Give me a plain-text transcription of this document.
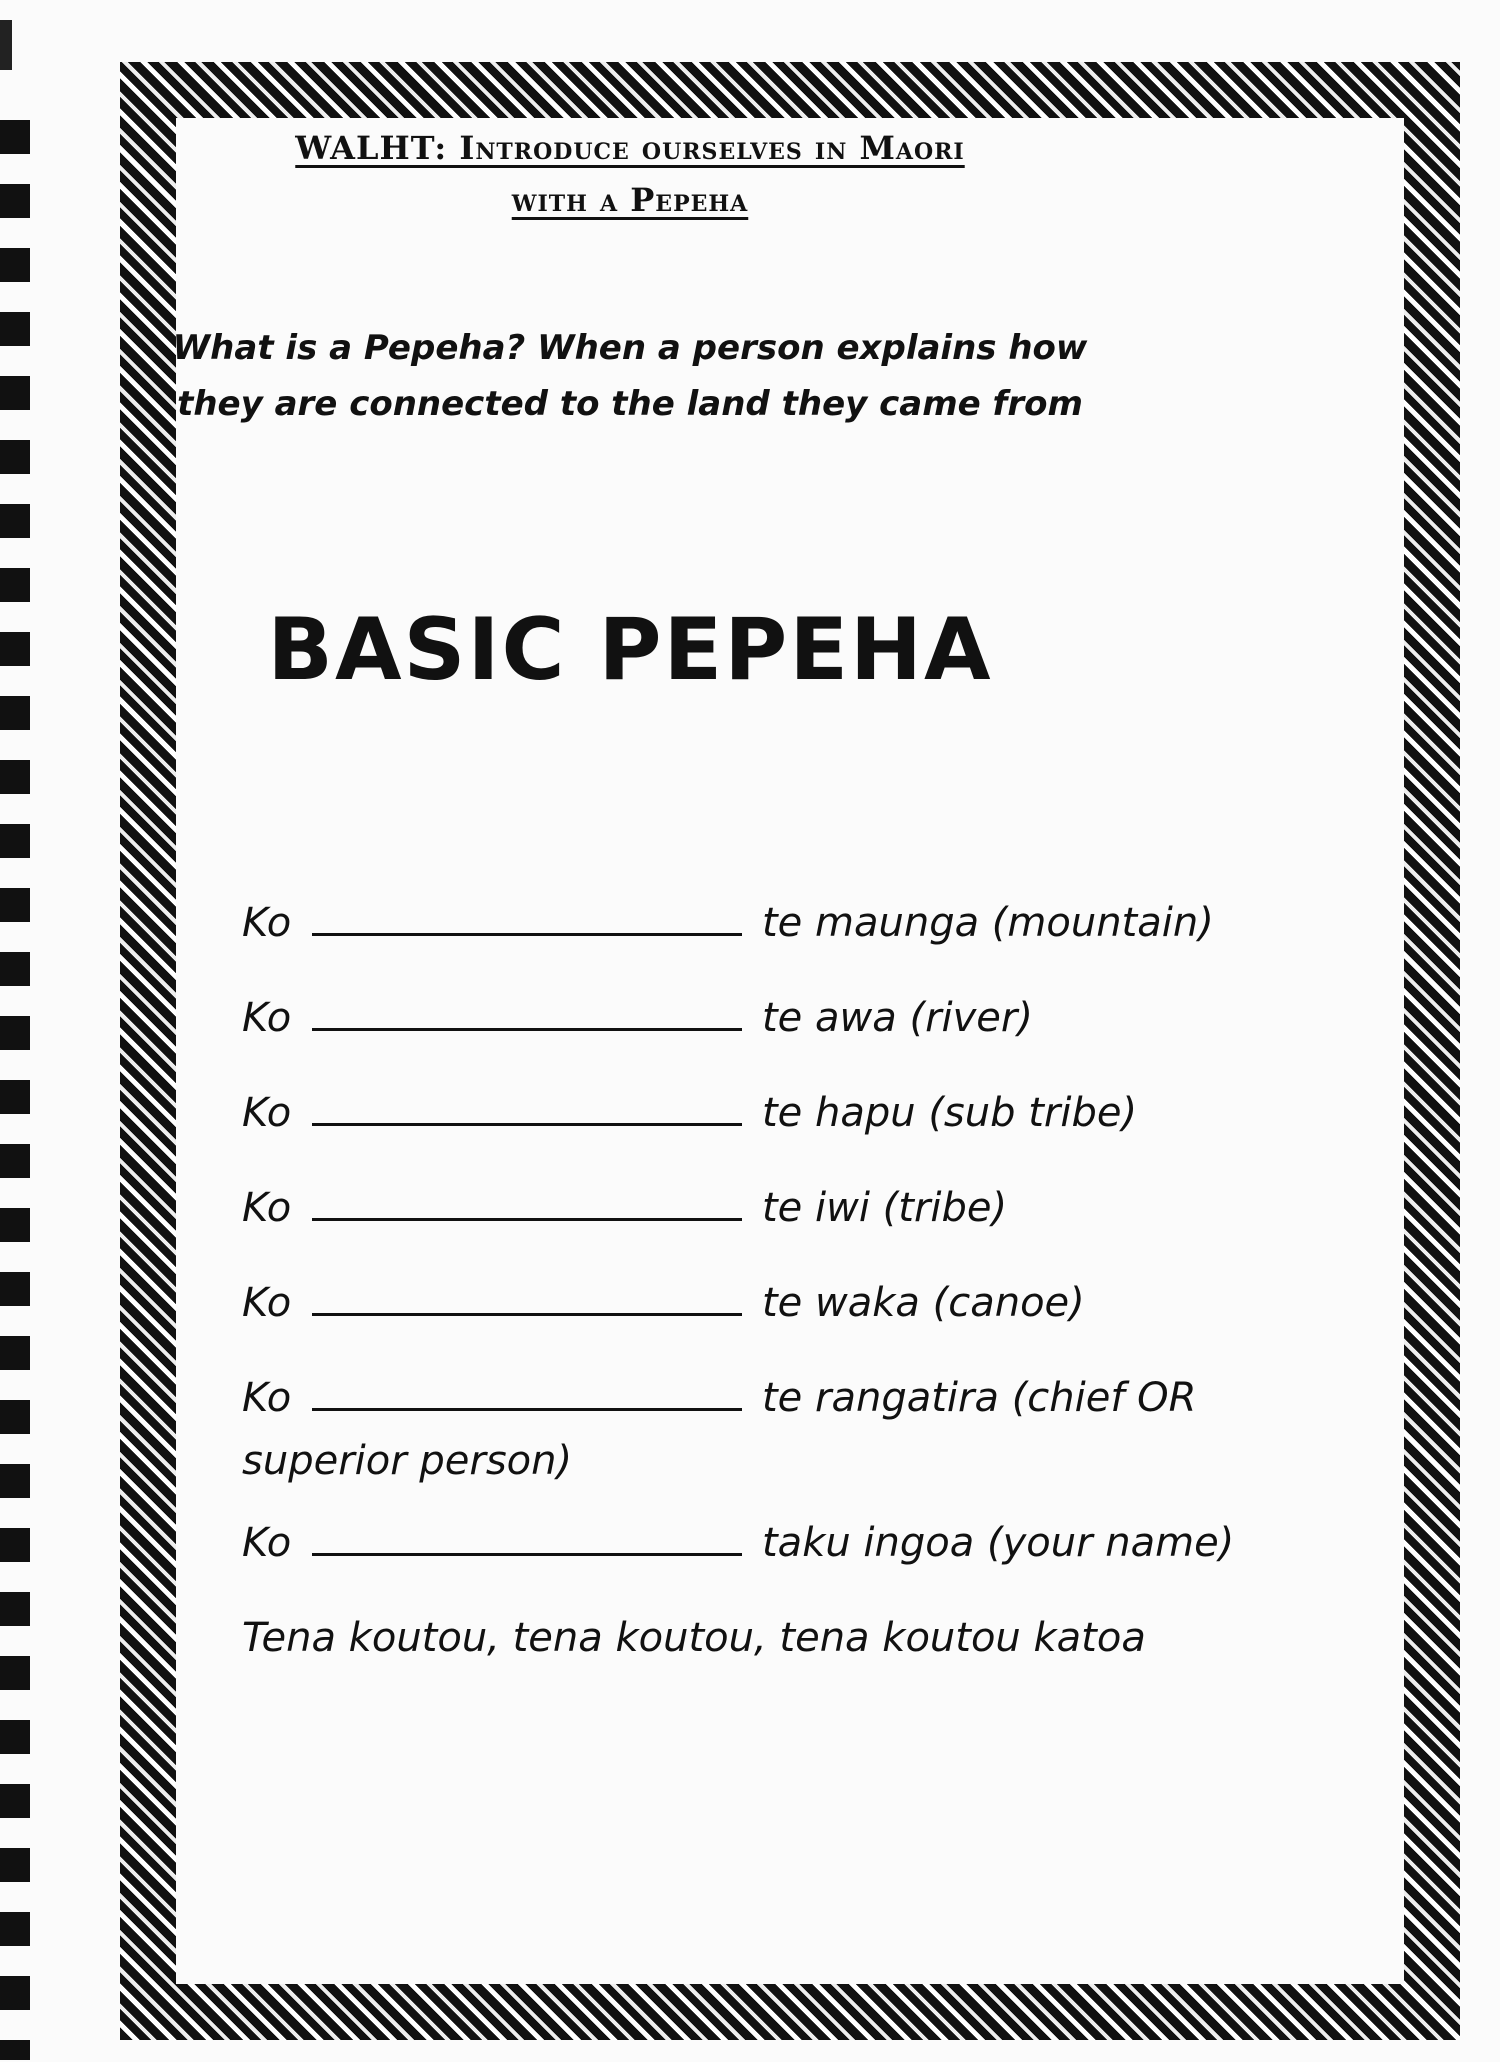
WALHT: Introduce ourselves in Maori
with a Pepeha
What is a Pepeha? When a person explains how
they are connected to the land they came from
BASIC PEPEHA
Ko	te maunga (mountain)
Ko	te awa (river)
Ko	te hapu (sub tribe)
Ko	te iwi (tribe)
Ko	te waka (canoe)
Ko	te rangatira (chief OR
superior person)
Ko	taku ingoa (your name)
Tena koutou, tena koutou, tena koutou katoa
